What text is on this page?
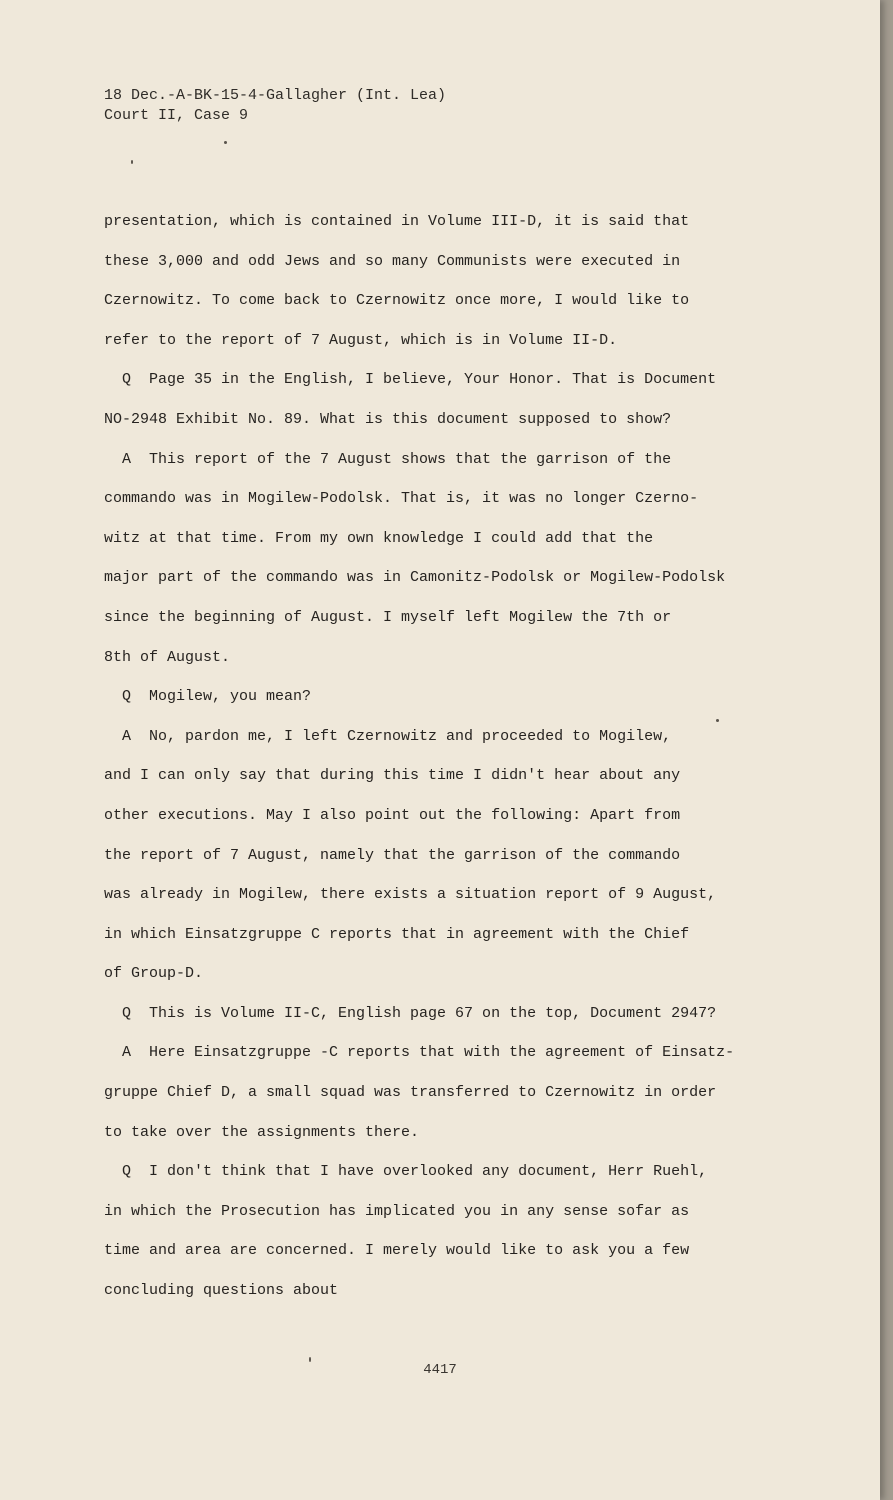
18 Dec.-A-BK-15-4-Gallagher (Int. Lea)
Court II, Case 9
presentation, which is contained in Volume III-D, it is said that
these 3,000 and odd Jews and so many Communists were executed in
Czernowitz. To come back to Czernowitz once more, I would like to
refer to the report of 7 August, which is in Volume II-D.
Q  Page 35 in the English, I believe, Your Honor. That is Document
NO-2948 Exhibit No. 89. What is this document supposed to show?
A  This report of the 7 August shows that the garrison of the
commando was in Mogilew-Podolsk. That is, it was no longer Czerno-
witz at that time. From my own knowledge I could add that the
major part of the commando was in Camonitz-Podolsk or Mogilew-Podolsk
since the beginning of August. I myself left Mogilew the 7th or
8th of August.
Q  Mogilew, you mean?
A  No, pardon me, I left Czernowitz and proceeded to Mogilew,
and I can only say that during this time I didn't hear about any
other executions. May I also point out the following: Apart from
the report of 7 August, namely that the garrison of the commando
was already in Mogilew, there exists a situation report of 9 August,
in which Einsatzgruppe C reports that in agreement with the Chief
of Group-D.
Q  This is Volume II-C, English page 67 on the top, Document 2947?
A  Here Einsatzgruppe -C reports that with the agreement of Einsatz-
gruppe Chief D, a small squad was transferred to Czernowitz in order
to take over the assignments there.
Q  I don't think that I have overlooked any document, Herr Ruehl,
in which the Prosecution has implicated you in any sense sofar as
time and area are concerned. I merely would like to ask you a few
concluding questions about
4417
